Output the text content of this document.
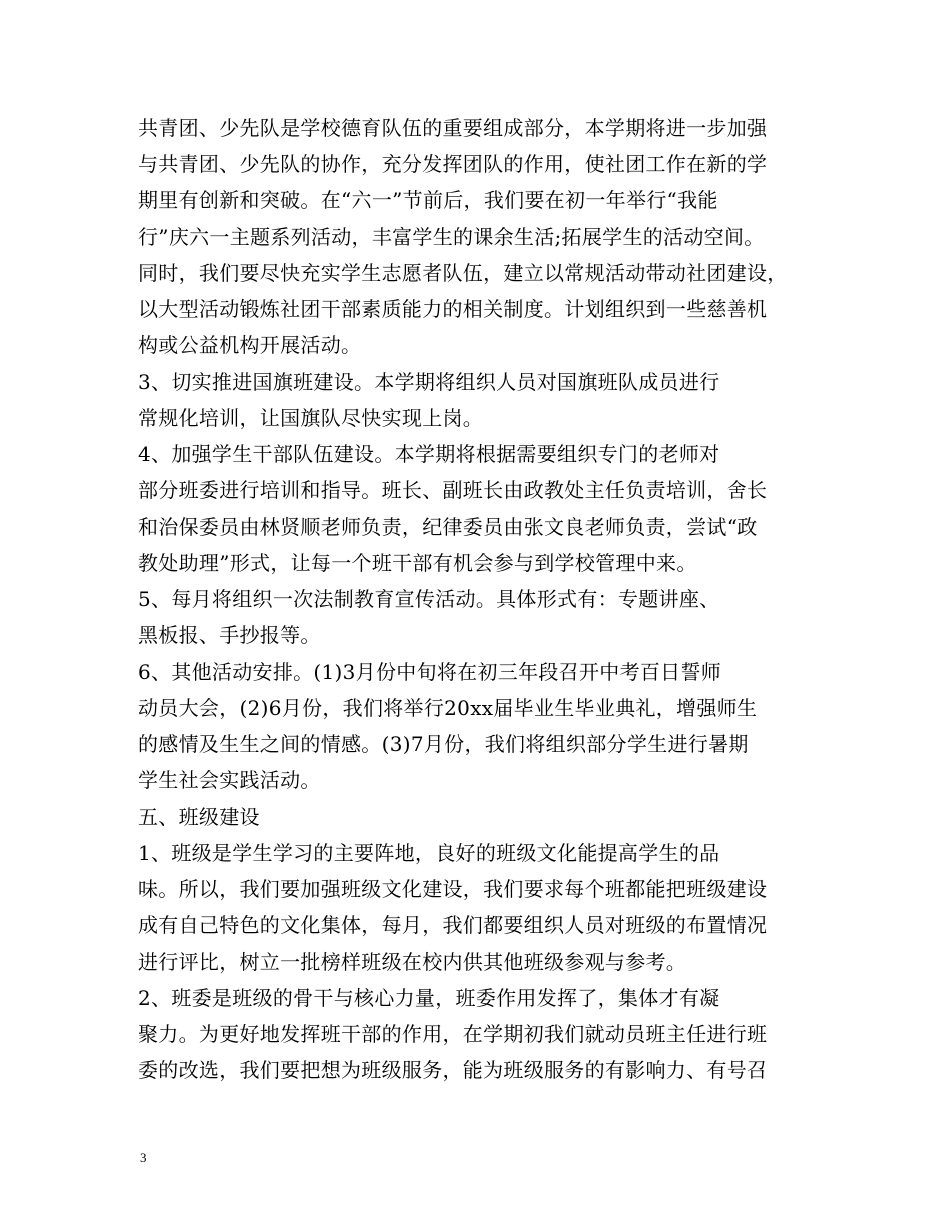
共青团、少先队是学校德育队伍的重要组成部分，本学期将进一步加强
与共青团、少先队的协作，充分发挥团队的作用，使社团工作在新的学
期里有创新和突破。在“六一”节前后，我们要在初一年举行“我能
行”庆六一主题系列活动，丰富学生的课余生活;拓展学生的活动空间。
同时，我们要尽快充实学生志愿者队伍，建立以常规活动带动社团建设，
以大型活动锻炼社团干部素质能力的相关制度。计划组织到一些慈善机
构或公益机构开展活动。
3、切实推进国旗班建设。本学期将组织人员对国旗班队成员进行
常规化培训，让国旗队尽快实现上岗。
4、加强学生干部队伍建设。本学期将根据需要组织专门的老师对
部分班委进行培训和指导。班长、副班长由政教处主任负责培训，舍长
和治保委员由林贤顺老师负责，纪律委员由张文良老师负责，尝试“政
教处助理”形式，让每一个班干部有机会参与到学校管理中来。
5、每月将组织一次法制教育宣传活动。具体形式有：专题讲座、
黑板报、手抄报等。
6、其他活动安排。(1)3月份中旬将在初三年段召开中考百日誓师
动员大会，(2)6月份，我们将举行20xx届毕业生毕业典礼，增强师生
的感情及生生之间的情感。(3)7月份，我们将组织部分学生进行暑期
学生社会实践活动。
五、班级建设
1、班级是学生学习的主要阵地，良好的班级文化能提高学生的品
味。所以，我们要加强班级文化建设，我们要求每个班都能把班级建设
成有自己特色的文化集体，每月，我们都要组织人员对班级的布置情况
进行评比，树立一批榜样班级在校内供其他班级参观与参考。
2、班委是班级的骨干与核心力量，班委作用发挥了，集体才有凝
聚力。为更好地发挥班干部的作用，在学期初我们就动员班主任进行班
委的改选，我们要把想为班级服务，能为班级服务的有影响力、有号召
3
